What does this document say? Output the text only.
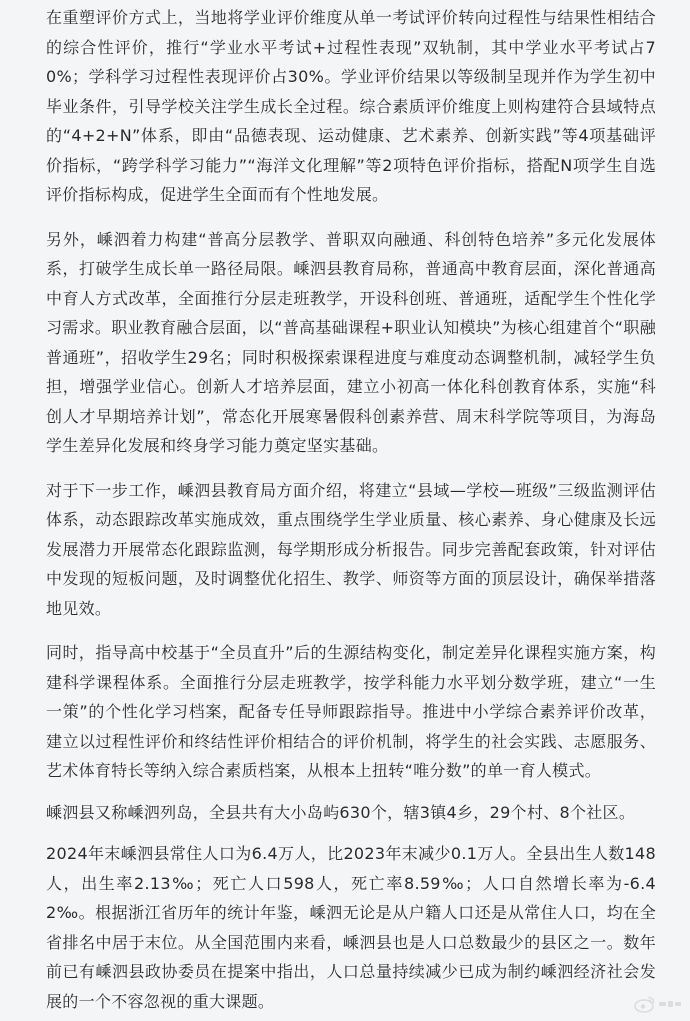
在重塑评价方式上，当地将学业评价维度从单一考试评价转向过程性与结果性相结合的综合性评价，推行“学业水平考试+过程性表现”双轨制，其中学业水平考试占70%；学科学习过程性表现评价占30%。学业评价结果以等级制呈现并作为学生初中毕业条件，引导学校关注学生成长全过程。综合素质评价维度上则构建符合县域特点的“4+2+N”体系，即由“品德表现、运动健康、艺术素养、创新实践”等4项基础评价指标，“跨学科学习能力”“海洋文化理解”等2项特色评价指标，搭配N项学生自选评价指标构成，促进学生全面而有个性地发展。

另外，嵊泗着力构建“普高分层教学、普职双向融通、科创特色培养”多元化发展体系，打破学生成长单一路径局限。嵊泗县教育局称，普通高中教育层面，深化普通高中育人方式改革，全面推行分层走班教学，开设科创班、普通班，适配学生个性化学习需求。职业教育融合层面，以“普高基础课程+职业认知模块”为核心组建首个“职融普通班”，招收学生29名；同时积极探索课程进度与难度动态调整机制，减轻学生负担，增强学业信心。创新人才培养层面，建立小初高一体化科创教育体系，实施“科创人才早期培养计划”，常态化开展寒暑假科创素养营、周末科学院等项目，为海岛学生差异化发展和终身学习能力奠定坚实基础。

对于下一步工作，嵊泗县教育局方面介绍，将建立“县域—学校—班级”三级监测评估体系，动态跟踪改革实施成效，重点围绕学生学业质量、核心素养、身心健康及长远发展潜力开展常态化跟踪监测，每学期形成分析报告。同步完善配套政策，针对评估中发现的短板问题，及时调整优化招生、教学、师资等方面的顶层设计，确保举措落地见效。

同时，指导高中校基于“全员直升”后的生源结构变化，制定差异化课程实施方案，构建科学课程体系。全面推行分层走班教学，按学科能力水平划分数学班，建立“一生一策”的个性化学习档案，配备专任导师跟踪指导。推进中小学综合素养评价改革，建立以过程性评价和终结性评价相结合的评价机制，将学生的社会实践、志愿服务、艺术体育特长等纳入综合素质档案，从根本上扭转“唯分数”的单一育人模式。

嵊泗县又称嵊泗列岛，全县共有大小岛屿630个，辖3镇4乡，29个村、8个社区。

2024年末嵊泗县常住人口为6.4万人，比2023年末减少0.1万人。全县出生人数148人，出生率2.13‰；死亡人口598人，死亡率8.59‰；人口自然增长率为-6.42‰。根据浙江省历年的统计年鉴，嵊泗无论是从户籍人口还是从常住人口，均在全省排名中居于末位。从全国范围内来看，嵊泗县也是人口总数最少的县区之一。数年前已有嵊泗县政协委员在提案中指出，人口总量持续减少已成为制约嵊泗经济社会发展的一个不容忽视的重大课题。
